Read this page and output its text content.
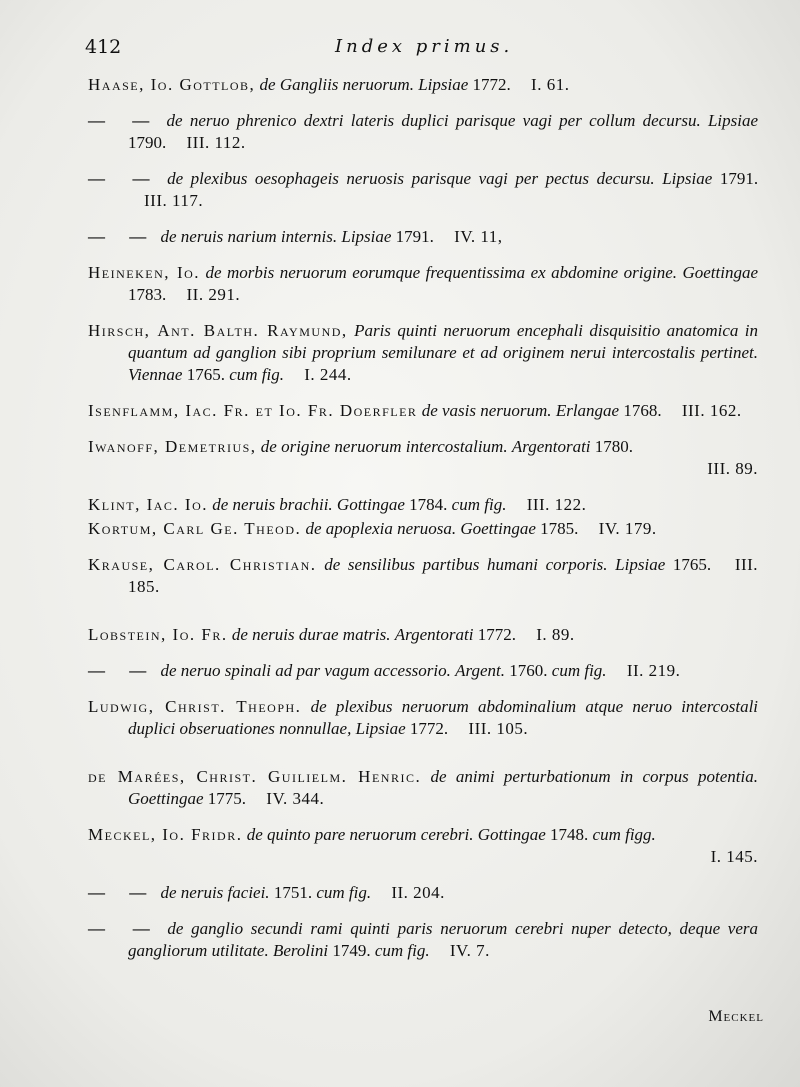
412	Index primus.
Haase, Io. Gottlob, de Gangliis neruorum. Lipsiae 1772. I. 61.
— — de neruo phrenico dextri lateris duplici parisque vagi per collum decursu. Lipsiae 1790. III. 112.
— — de plexibus oesophageis neruosis parisque vagi per pectus decursu. Lipsiae 1791. III. 117.
— — de neruis narium internis. Lipsiae 1791. IV. 11,
Heineken, Io. de morbis neruorum eorumque frequentissima ex abdomine origine. Goettingae 1783. II. 291.
Hirsch, Ant. Balth. Raymund, Paris quinti neruorum encephali disquisitio anatomica in quantum ad ganglion sibi proprium semilunare et ad originem nerui intercostalis pertinet. Viennae 1765. cum fig. I. 244.
Isenflamm, Iac. Fr. et Io. Fr. Doerfler de vasis neruorum. Erlangae 1768. III. 162.
Iwanoff, Demetrius, de origine neruorum intercostalium. Argentorati 1780.
III. 89.
Klint, Iac. Io. de neruis brachii. Gottingae 1784. cum fig. III. 122.
Kortum, Carl Ge. Theod. de apoplexia neruosa. Goettingae 1785. IV. 179.
Krause, Carol. Christian. de sensilibus partibus humani corporis. Lipsiae 1765. III. 185.
Lobstein, Io. Fr. de neruis durae matris. Argentorati 1772. I. 89.
— — de neruo spinali ad par vagum accessorio. Argent. 1760. cum fig. II. 219.
Ludwig, Christ. Theoph. de plexibus neruorum abdominalium atque neruo intercostali duplici obseruationes nonnullae, Lipsiae 1772. III. 105.
de Marées, Christ. Guilielm. Henric. de animi perturbationum in corpus potentia. Goettingae 1775. IV. 344.
Meckel, Io. Fridr. de quinto pare neruorum cerebri. Gottingae 1748. cum figg.
I. 145.
— — de neruis faciei. 1751. cum fig. II. 204.
— — de ganglio secundi rami quinti paris neruorum cerebri nuper detecto, deque vera gangliorum utilitate. Berolini 1749. cum fig. IV. 7.
Meckel
